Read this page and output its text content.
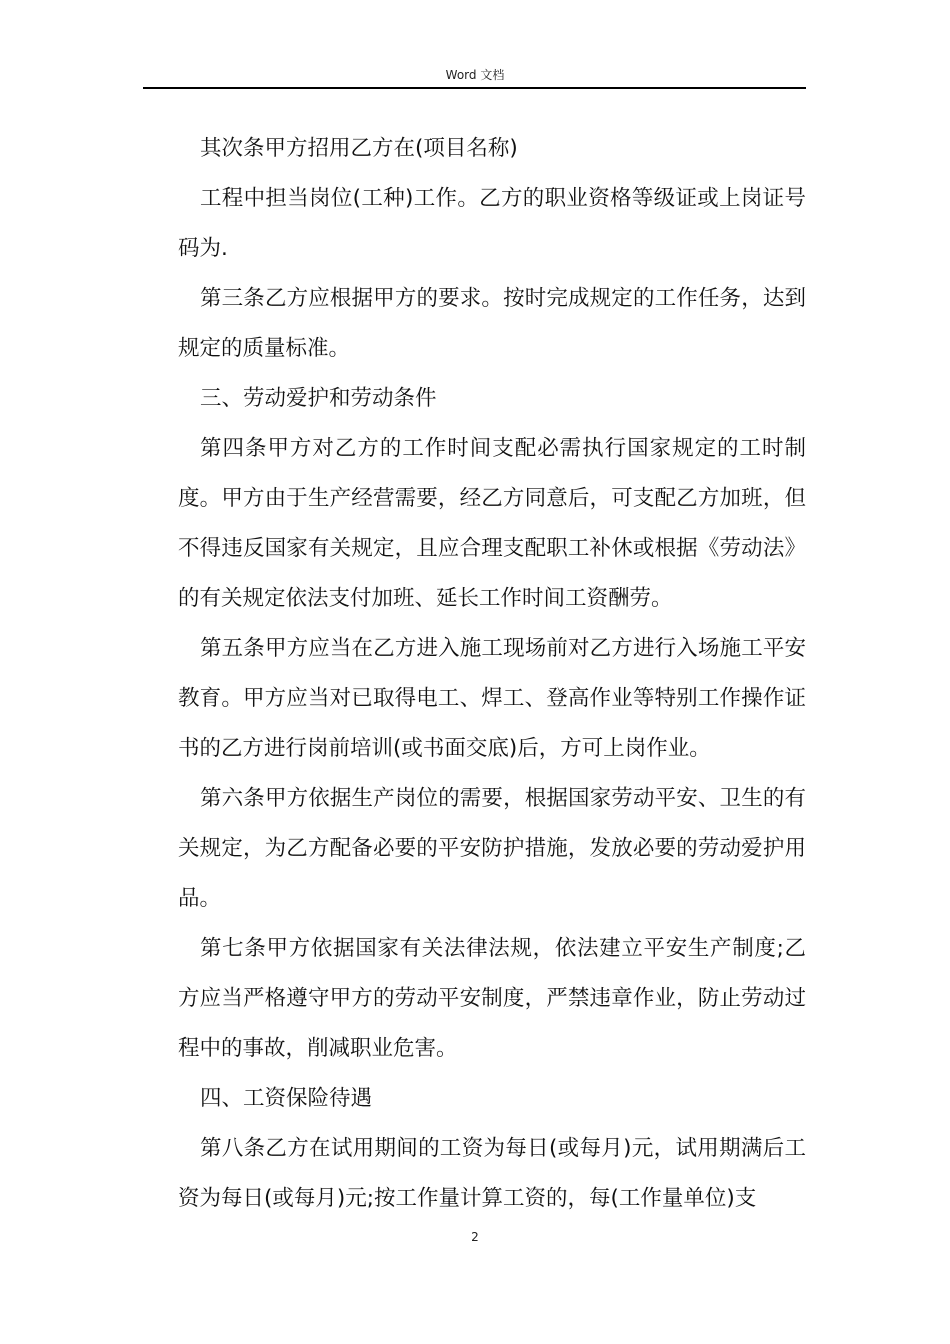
Word 文档

其次条甲方招用乙方在(项目名称)

工程中担当岗位(工种)工作。乙方的职业资格等级证或上岗证号码为.

第三条乙方应根据甲方的要求。按时完成规定的工作任务，达到规定的质量标准。

三、劳动爱护和劳动条件

第四条甲方对乙方的工作时间支配必需执行国家规定的工时制度。甲方由于生产经营需要，经乙方同意后，可支配乙方加班，但不得违反国家有关规定，且应合理支配职工补休或根据《劳动法》的有关规定依法支付加班、延长工作时间工资酬劳。

第五条甲方应当在乙方进入施工现场前对乙方进行入场施工平安教育。甲方应当对已取得电工、焊工、登高作业等特别工作操作证书的乙方进行岗前培训(或书面交底)后，方可上岗作业。

第六条甲方依据生产岗位的需要，根据国家劳动平安、卫生的有关规定，为乙方配备必要的平安防护措施，发放必要的劳动爱护用品。

第七条甲方依据国家有关法律法规，依法建立平安生产制度;乙方应当严格遵守甲方的劳动平安制度，严禁违章作业，防止劳动过程中的事故，削减职业危害。

四、工资保险待遇

第八条乙方在试用期间的工资为每日(或每月)元，试用期满后工资为每日(或每月)元;按工作量计算工资的，每(工作量单位)支

2
